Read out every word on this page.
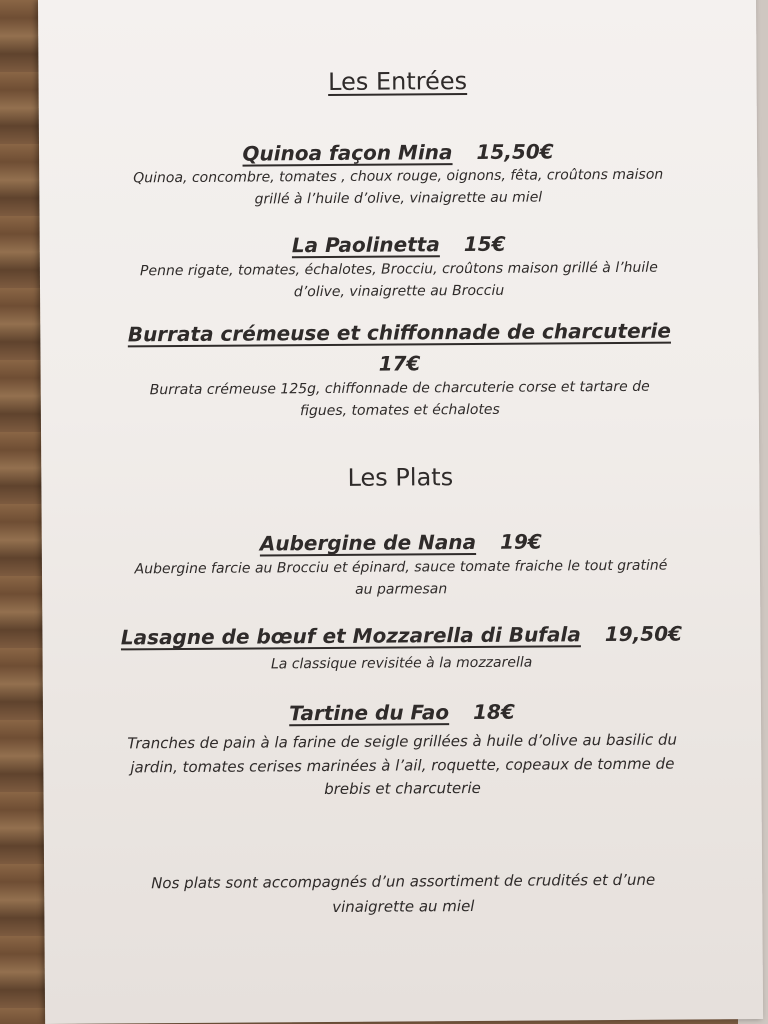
Les Entrées
Quinoa façon Mina 15,50€
Quinoa, concombre, tomates , choux rouge, oignons, fêta, croûtons maison
grillé à l’huile d’olive, vinaigrette au miel
La Paolinetta 15€
Penne rigate, tomates, échalotes, Brocciu, croûtons maison grillé à l’huile
d’olive, vinaigrette au Brocciu
Burrata crémeuse et chiffonnade de charcuterie
17€
Burrata crémeuse 125g, chiffonnade de charcuterie corse et tartare de
figues, tomates et échalotes
Les Plats
Aubergine de Nana 19€
Aubergine farcie au Brocciu et épinard, sauce tomate fraiche le tout gratiné
au parmesan
Lasagne de bœuf et Mozzarella di Bufala 19,50€
La classique revisitée à la mozzarella
Tartine du Fao 18€
Tranches de pain à la farine de seigle grillées à huile d’olive au basilic du
jardin, tomates cerises marinées à l’ail, roquette, copeaux de tomme de
brebis et charcuterie
Nos plats sont accompagnés d’un assortiment de crudités et d’une
vinaigrette au miel
